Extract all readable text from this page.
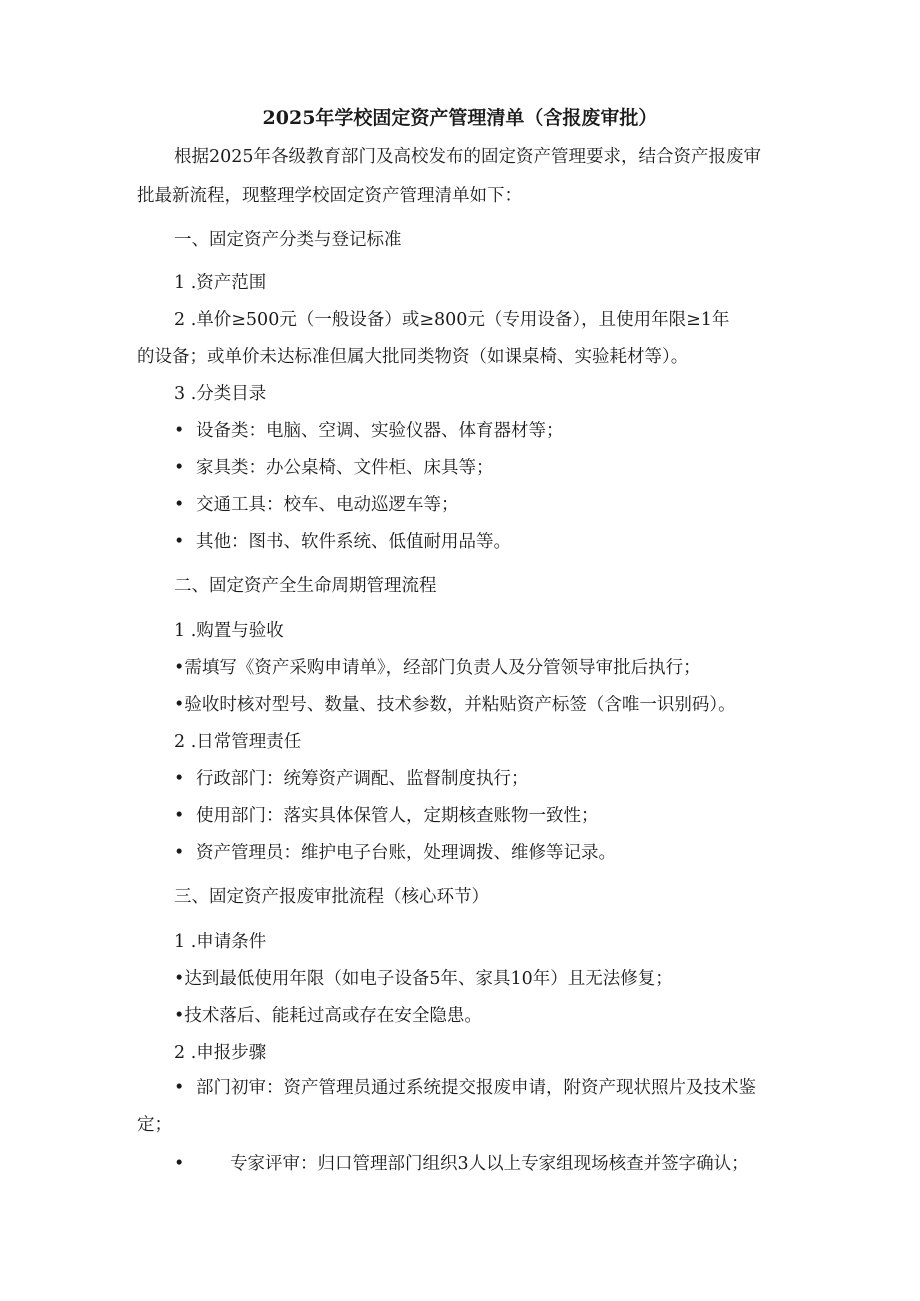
2025年学校固定资产管理清单（含报废审批）
根据2025年各级教育部门及高校发布的固定资产管理要求，结合资产报废审
批最新流程，现整理学校固定资产管理清单如下：
一、固定资产分类与登记标准
1 .资产范围
2 .单价≥500元（一般设备）或≥800元（专用设备），且使用年限≥1年
的设备；或单价未达标准但属大批同类物资（如课桌椅、实验耗材等）。
3 .分类目录
• 设备类：电脑、空调、实验仪器、体育器材等；
• 家具类：办公桌椅、文件柜、床具等；
• 交通工具：校车、电动巡逻车等；
• 其他：图书、软件系统、低值耐用品等。
二、固定资产全生命周期管理流程
1 .购置与验收
•需填写《资产采购申请单》，经部门负责人及分管领导审批后执行；
•验收时核对型号、数量、技术参数，并粘贴资产标签（含唯一识别码）。
2 .日常管理责任
• 行政部门：统筹资产调配、监督制度执行；
• 使用部门：落实具体保管人，定期核查账物一致性；
• 资产管理员：维护电子台账，处理调拨、维修等记录。
三、固定资产报废审批流程（核心环节）
1 .申请条件
•达到最低使用年限（如电子设备5年、家具10年）且无法修复；
•技术落后、能耗过高或存在安全隐患。
2 .申报步骤
• 部门初审：资产管理员通过系统提交报废申请，附资产现状照片及技术鉴
定；
•	专家评审：归口管理部门组织3人以上专家组现场核查并签字确认；
